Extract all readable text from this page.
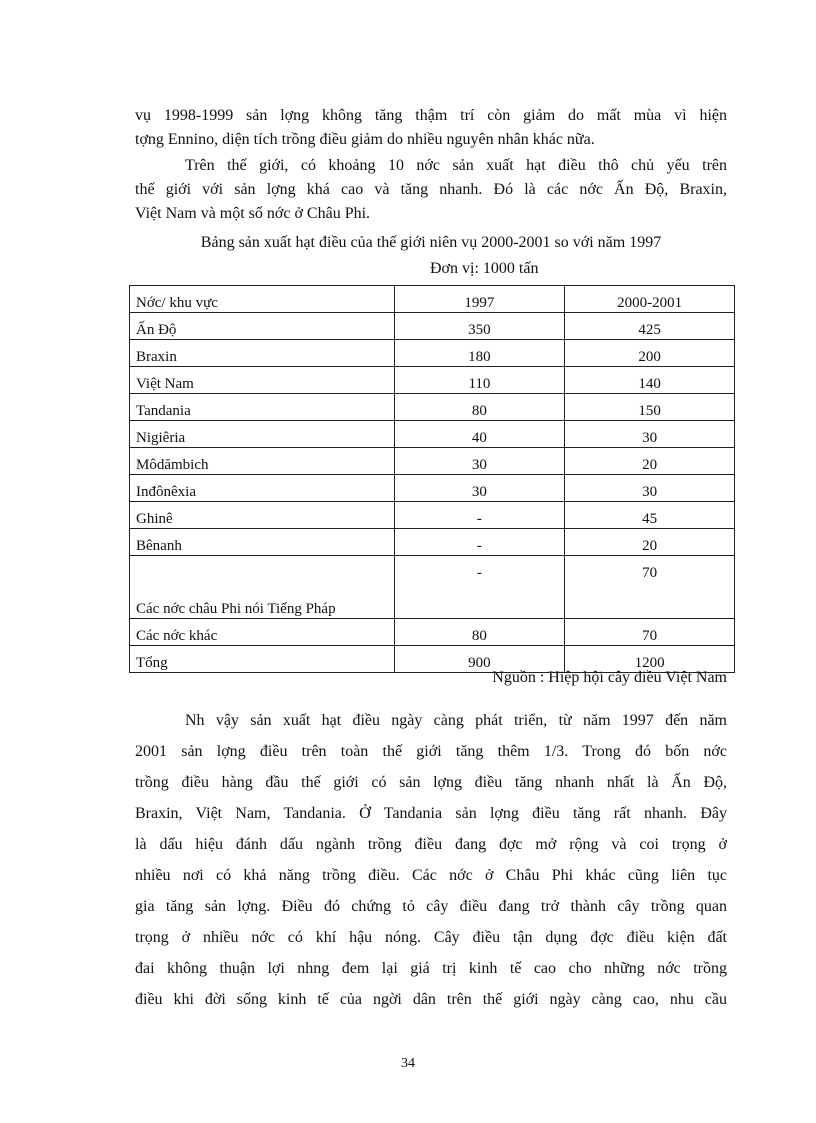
vụ 1998-1999 sản lợng không tăng thậm trí còn giảm do mất mùa vì hiện
tợng Ennino, diện tích trồng điều giảm do nhiều nguyên nhân khác nữa.
Trên thế giới, có khoảng 10 nớc sản xuất hạt điều thô chủ yếu trên
thế giới với sản lợng khá cao và tăng nhanh. Đó là các nớc Ấn Độ, Braxin,
Việt Nam và một số nớc ở Châu Phi.
Bảng sản xuất hạt điều của thế giới niên vụ 2000-2001 so với năm 1997
Đơn vị: 1000 tấn
Nớc/ khu vực	1997	2000-2001
Ấn Độ	350	425
Braxin	180	200
Việt Nam	110	140
Tandania	80	150
Nigiêria	40	30
Môdămbich	30	20
Inđônêxia	30	30
Ghinê	-	45
Bênanh	-	20
Các nớc châu Phi nói Tiếng Pháp	-	70
Các nớc khác	80	70
Tổng	900	1200
Nguồn : Hiệp hội cây điều Việt Nam
Nh vậy sản xuất hạt điều ngày càng phát triển, từ năm 1997 đến năm
2001 sản lợng điều trên toàn thế giới tăng thêm 1/3. Trong đó bốn nớc
trồng điều hàng đầu thế giới có sản lợng điều tăng nhanh nhất là Ấn Độ,
Braxin, Việt Nam, Tandania. Ở Tandania sản lợng điều tăng rất nhanh. Đây
là dấu hiệu đánh dấu ngành trồng điều đang đợc mở rộng và coi trọng ở
nhiều nơi có khả năng trồng điều. Các nớc ở Châu Phi khác cũng liên tục
gia tăng sản lợng. Điều đó chứng tỏ cây điều đang trở thành cây trồng quan
trọng ở nhiều nớc có khí hậu nóng. Cây điều tận dụng đợc điều kiện đất
đai không thuận lợi nhng đem lại giá trị kinh tế cao cho những nớc trồng
điều khi đời sống kinh tế của ngời dân trên thế giới ngày càng cao, nhu cầu
34
